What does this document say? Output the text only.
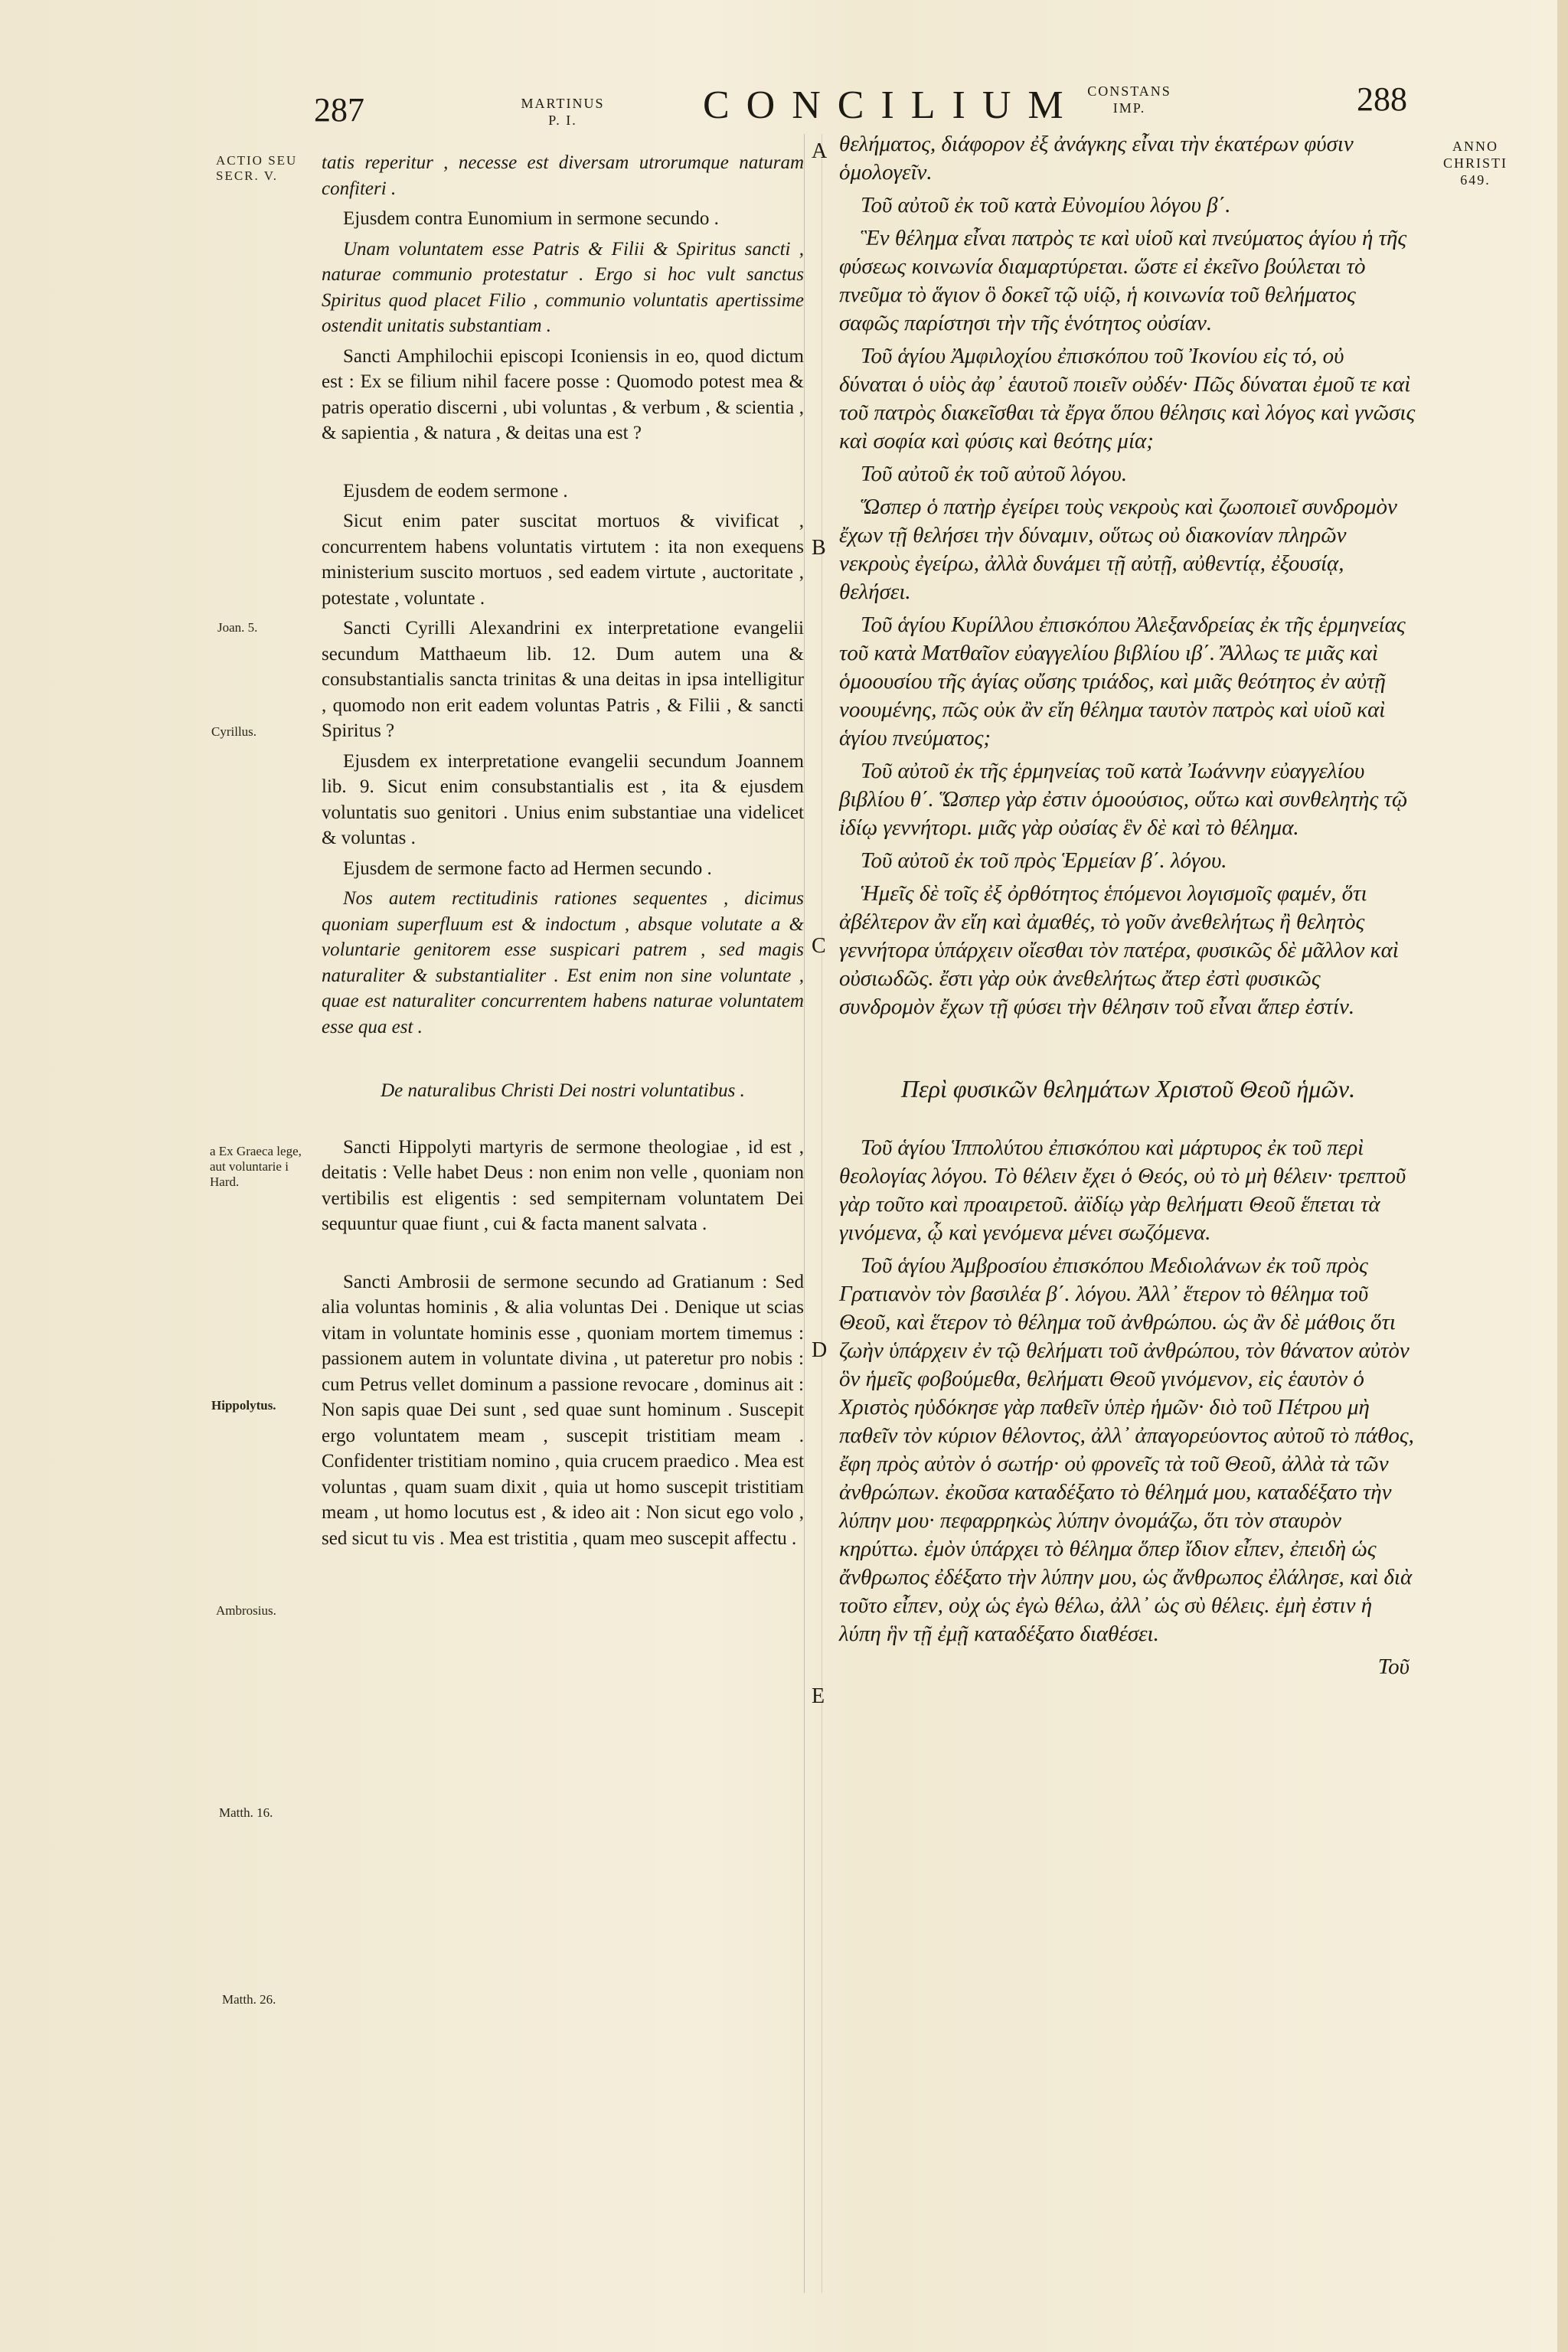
287	MARTINUS P. I.	CONCILIUM CONSTANS IMP.	288
ACTIO SEU SECR. V.
Joan. 5.
Cyrillus.
a Ex Graeca lege, aut voluntarie i Hard.
Hippolytus.
Ambrosius.
Matth. 16.
Matth. 26.
ANNO CHRISTI 649.
A
B
C
D
E

tatis reperitur , necesse est diversam utrorumque naturam confiteri .

Ejusdem contra Eunomium in sermone secundo .

Unam voluntatem esse Patris & Filii & Spiritus sancti , naturae communio protestatur . Ergo si hoc vult sanctus Spiritus quod placet Filio , communio voluntatis apertissime ostendit unitatis substantiam .

Sancti Amphilochii episcopi Iconiensis in eo, quod dictum est : Ex se filium nihil facere posse : Quomodo potest mea & patris operatio discerni , ubi voluntas , & verbum , & scientia , & sapientia , & natura , & deitas una est ?

Ejusdem de eodem sermone .

Sicut enim pater suscitat mortuos & vivificat , concurrentem habens voluntatis virtutem : ita non exequens ministerium suscito mortuos , sed eadem virtute , auctoritate , potestate , voluntate .

Sancti Cyrilli Alexandrini ex interpretatione evangelii secundum Matthaeum lib. 12. Dum autem una & consubstantialis sancta trinitas & una deitas in ipsa intelligitur , quomodo non erit eadem voluntas Patris , & Filii , & sancti Spiritus ?

Ejusdem ex interpretatione evangelii secundum Joannem lib. 9. Sicut enim consubstantialis est , ita & ejusdem voluntatis suo genitori . Unius enim substantiae una videlicet & voluntas .

Ejusdem de sermone facto ad Hermen secundo .

Nos autem rectitudinis rationes sequentes , dicimus quoniam superfluum est & indoctum , absque volutate a & voluntarie genitorem esse suspicari patrem , sed magis naturaliter & substantialiter . Est enim non sine voluntate , quae est naturaliter concurrentem habens naturae voluntatem esse qua est .

De naturalibus Christi Dei nostri voluntatibus .

Sancti Hippolyti martyris de sermone theologiae , id est , deitatis : Velle habet Deus : non enim non velle , quoniam non vertibilis est eligentis : sed sempiternam voluntatem Dei sequuntur quae fiunt , cui & facta manent salvata .

Sancti Ambrosii de sermone secundo ad Gratianum : Sed alia voluntas hominis , & alia voluntas Dei . Denique ut scias vitam in voluntate hominis esse , quoniam mortem timemus : passionem autem in voluntate divina , ut pateretur pro nobis : cum Petrus vellet dominum a passione revocare , dominus ait : Non sapis quae Dei sunt , sed quae sunt hominum . Suscepit ergo voluntatem meam , suscepit tristitiam meam . Confidenter tristitiam nomino , quia crucem praedico . Mea est voluntas , quam suam dixit , quia ut homo suscepit tristitiam meam , ut homo locutus est , & ideo ait : Non sicut ego volo , sed sicut tu vis . Mea est tristitia , quam meo suscepit affectu .

θελήματος, διάφορον ἐξ ἀνάγκης εἶναι τὴν ἑκατέρων φύσιν ὁμολογεῖν.

Τοῦ αὐτοῦ ἐκ τοῦ κατὰ Εὐνομίου λόγου β΄.

Ἓν θέλημα εἶναι πατρὸς τε καὶ υἱοῦ καὶ πνεύματος ἁγίου ἡ τῆς φύσεως κοινωνία διαμαρτύρεται. ὥστε εἰ ἐκεῖνο βούλεται τὸ πνεῦμα τὸ ἅγιον ὃ δοκεῖ τῷ υἱῷ, ἡ κοινωνία τοῦ θελήματος σαφῶς παρίστησι τὴν τῆς ἑνότητος οὐσίαν.

Τοῦ ἁγίου Ἀμφιλοχίου ἐπισκόπου τοῦ Ἰκονίου εἰς τό, οὐ δύναται ὁ υἱὸς ἀφ᾽ ἑαυτοῦ ποιεῖν οὐδέν· Πῶς δύναται ἐμοῦ τε καὶ τοῦ πατρὸς διακεῖσθαι τὰ ἔργα ὅπου θέλησις καὶ λόγος καὶ γνῶσις καὶ σοφία καὶ φύσις καὶ θεότης μία;

Τοῦ αὐτοῦ ἐκ τοῦ αὐτοῦ λόγου.

Ὥσπερ ὁ πατὴρ ἐγείρει τοὺς νεκροὺς καὶ ζωοποιεῖ συνδρομὸν ἔχων τῇ θελήσει τὴν δύναμιν, οὕτως οὐ διακονίαν πληρῶν νεκροὺς ἐγείρω, ἀλλὰ δυνάμει τῇ αὐτῇ, αὐθεντίᾳ, ἐξουσίᾳ, θελήσει.

Τοῦ ἁγίου Κυρίλλου ἐπισκόπου Ἀλεξανδρείας ἐκ τῆς ἑρμηνείας τοῦ κατὰ Ματθαῖον εὐαγγελίου βιβλίου ιβ΄. Ἄλλως τε μιᾶς καὶ ὁμοουσίου τῆς ἁγίας οὔσης τριάδος, καὶ μιᾶς θεότητος ἐν αὐτῇ νοουμένης, πῶς οὐκ ἂν εἴη θέλημα ταυτὸν πατρὸς καὶ υἱοῦ καὶ ἁγίου πνεύματος;

Τοῦ αὐτοῦ ἐκ τῆς ἑρμηνείας τοῦ κατὰ Ἰωάννην εὐαγγελίου βιβλίου θ΄. Ὥσπερ γὰρ ἐστιν ὁμοούσιος, οὕτω καὶ συνθελητὴς τῷ ἰδίῳ γεννήτορι. μιᾶς γὰρ οὐσίας ἓν δὲ καὶ τὸ θέλημα.

Τοῦ αὐτοῦ ἐκ τοῦ πρὸς Ἑρμείαν β΄. λόγου.

Ἡμεῖς δὲ τοῖς ἐξ ὀρθότητος ἑπόμενοι λογισμοῖς φαμέν, ὅτι ἀβέλτερον ἂν εἴη καὶ ἀμαθές, τὸ γοῦν ἀνεθελήτως ἢ θελητὸς γεννήτορα ὑπάρχειν οἴεσθαι τὸν πατέρα, φυσικῶς δὲ μᾶλλον καὶ οὐσιωδῶς. ἔστι γὰρ οὐκ ἀνεθελήτως ἄτερ ἐστὶ φυσικῶς συνδρομὸν ἔχων τῇ φύσει τὴν θέλησιν τοῦ εἶναι ἅπερ ἐστίν.

Περὶ φυσικῶν θελημάτων Χριστοῦ Θεοῦ ἡμῶν.

Τοῦ ἁγίου Ἱππολύτου ἐπισκόπου καὶ μάρτυρος ἐκ τοῦ περὶ θεολογίας λόγου. Τὸ θέλειν ἔχει ὁ Θεός, οὐ τὸ μὴ θέλειν· τρεπτοῦ γὰρ τοῦτο καὶ προαιρετοῦ. ἀϊδίῳ γὰρ θελήματι Θεοῦ ἕπεται τὰ γινόμενα, ᾧ καὶ γενόμενα μένει σωζόμενα.

Τοῦ ἁγίου Ἀμβροσίου ἐπισκόπου Μεδιολάνων ἐκ τοῦ πρὸς Γρατιανὸν τὸν βασιλέα β΄. λόγου. Ἀλλ᾽ ἕτερον τὸ θέλημα τοῦ Θεοῦ, καὶ ἕτερον τὸ θέλημα τοῦ ἀνθρώπου. ὡς ἂν δὲ μάθοις ὅτι ζωὴν ὑπάρχειν ἐν τῷ θελήματι τοῦ ἀνθρώπου, τὸν θάνατον αὐτὸν ὃν ἡμεῖς φοβούμεθα, θελήματι Θεοῦ γινόμενον, εἰς ἑαυτὸν ὁ Χριστὸς ηὐδόκησε γὰρ παθεῖν ὑπὲρ ἡμῶν· διὸ τοῦ Πέτρου μὴ παθεῖν τὸν κύριον θέλοντος, ἀλλ᾽ ἀπαγορεύοντος αὐτοῦ τὸ πάθος, ἔφη πρὸς αὐτὸν ὁ σωτήρ· οὐ φρονεῖς τὰ τοῦ Θεοῦ, ἀλλὰ τὰ τῶν ἀνθρώπων. ἐκοῦσα καταδέξατο τὸ θέλημά μου, καταδέξατο τὴν λύπην μου· πεφαρρηκὼς λύπην ὀνομάζω, ὅτι τὸν σταυρὸν κηρύττω. ἐμὸν ὑπάρχει τὸ θέλημα ὅπερ ἴδιον εἶπεν, ἐπειδὴ ὡς ἄνθρωπος ἐδέξατο τὴν λύπην μου, ὡς ἄνθρωπος ἐλάλησε, καὶ διὰ τοῦτο εἶπεν, οὐχ ὡς ἐγὼ θέλω, ἀλλ᾽ ὡς σὺ θέλεις. ἐμὴ ἐστιν ἡ λύπη ἣν τῇ ἐμῇ καταδέξατο διαθέσει.

Τοῦ
